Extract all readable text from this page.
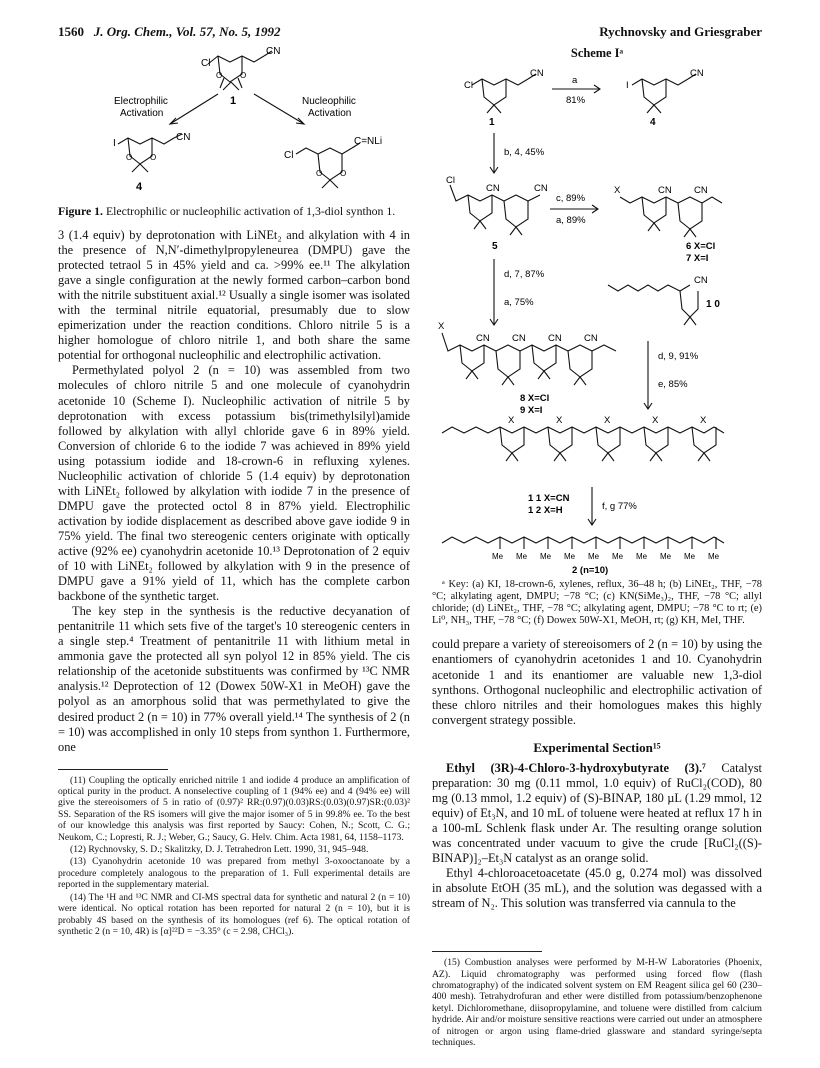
1560 J. Org. Chem., Vol. 57, No. 5, 1992	Rychnovsky and Griesgraber
Cl
CN
O O
1
Electrophilic
Activation
Nucleophilic
Activation
I
CN
O O
4
Cl
C=NLi
O O
Figure 1. Electrophilic or nucleophilic activation of 1,3-diol synthon 1.

3 (1.4 equiv) by deprotonation with LiNEt₂ and alkylation with 4 in the presence of N,N′-dimethylpropyleneurea (DMPU) gave the protected tetraol 5 in 45% yield and ca. >99% ee.¹¹ The alkylation gave a single configuration at the newly formed carbon–carbon bond with the nitrile substituent axial.¹² Usually a single isomer was isolated with the terminal nitrile equatorial, presumably due to slow epimerization under the reaction conditions. Chloro nitrile 5 is a higher homologue of chloro nitrile 1, and both share the same potential for orthogonal nucleophilic and electrophilic activation.

Permethylated polyol 2 (n = 10) was assembled from two molecules of chloro nitrile 5 and one molecule of cyanohydrin acetonide 10 (Scheme I). Nucleophilic activation of nitrile 5 by deprotonation with excess potassium bis(trimethylsilyl)amide followed by alkylation with allyl chloride gave 6 in 89% yield. Conversion of chloride 6 to the iodide 7 was achieved in 89% yield using potassium iodide and 18-crown-6 in refluxing xylenes. Nucleophilic activation of chloride 5 (1.4 equiv) by deprotonation with LiNEt₂ followed by alkylation with iodide 7 in the presence of DMPU gave the protected octol 8 in 87% yield. Electrophilic activation by iodide displacement as described above gave iodide 9 in 75% yield. The final two stereogenic centers originate with optically active (92% ee) cyanohydrin acetonide 10.¹³ Deprotonation of 2 equiv of 10 with LiNEt₂ followed by alkylation with 9 in the presence of DMPU gave a 91% yield of 11, which has the complete carbon backbone of the synthetic target.

The key step in the synthesis is the reductive decyanation of pentanitrile 11 which sets five of the target's 10 stereogenic centers in a single step.⁴ Treatment of pentanitrile 11 with lithium metal in ammonia gave the protected all syn polyol 12 in 85% yield. The cis relationship of the acetonide substituents was confirmed by ¹³C NMR analysis.¹² Deprotection of 12 (Dowex 50W-X1 in MeOH) gave the polyol as an amorphous solid that was permethylated to give the desired product 2 (n = 10) in 77% overall yield.¹⁴ The synthesis of 2 (n = 10) was accomplished in only 10 steps from synthon 1. Furthermore, one

(11) Coupling the optically enriched nitrile 1 and iodide 4 produce an amplification of optical purity in the product. A nonselective coupling of 1 (94% ee) and 4 (94% ee) will give the stereoisomers of 5 in ratio of (0.97)² RR:(0.97)(0.03)RS:(0.03)(0.97)SR:(0.03)² SS. Separation of the RS isomers will give the major isomer of 5 in 99.8% ee. To the best of our knowledge this analysis was first reported by Saucy: Cohen, N.; Scott, C. G.; Neukom, C.; Lopresti, R. J.; Weber, G.; Saucy, G. Helv. Chim. Acta 1981, 64, 1158–1173.
(12) Rychnovsky, S. D.; Skalitzky, D. J. Tetrahedron Lett. 1990, 31, 945–948.
(13) Cyanohydrin acetonide 10 was prepared from methyl 3-oxooctanoate by a procedure completely analogous to the preparation of 1. Full experimental details are reported in the supplementary material.
(14) The ¹H and ¹³C NMR and CI-MS spectral data for synthetic and natural 2 (n = 10) were identical. No optical rotation has been reported for natural 2 (n = 10), but it is probably 4S based on the synthesis of its homologues (ref 6). The optical rotation of synthetic 2 (n = 10, 4R) is [α]²²D = −3.35° (c = 2.98, CHCl₃).
Scheme Iᵃ
Cl
CN
1
a
81%
I
CN
4
b, 4, 45%
Cl
CN	CN
5
c, 89%
a, 89%
X	CN CN
6 X=Cl
7 X=I
d, 7, 87%
a, 75%
CN
1 0
X
CN CN CN CN
d, 9, 91%
e, 85%
8 X=Cl
9 X=I
X	X	X	X	X
1 1 X=CN
1 2 X=H	f, g 77%
Me Me Me Me Me Me Me Me Me Me
2 (n=10)
ᵃ Key: (a) KI, 18-crown-6, xylenes, reflux, 36–48 h; (b) LiNEt₂, THF, −78 °C; alkylating agent, DMPU; −78 °C; (c) KN(SiMe₃)₂, THF, −78 °C; allyl chloride; (d) LiNEt₂, THF, −78 °C; alkylating agent, DMPU; −78 °C to rt; (e) Li⁰, NH₃, THF, −78 °C; (f) Dowex 50W-X1, MeOH, rt; (g) KH, MeI, THF.

could prepare a variety of stereoisomers of 2 (n = 10) by using the enantiomers of cyanohydrin acetonides 1 and 10. Cyanohydrin acetonide 1 and its enantiomer are valuable new 1,3-diol synthons. Orthogonal nucleophilic and electrophilic activation of these chloro nitriles and their homologues makes this highly convergent strategy possible.

Experimental Section¹⁵

Ethyl (3R)-4-Chloro-3-hydroxybutyrate (3).⁷ Catalyst preparation: 30 mg (0.11 mmol, 1.0 equiv) of RuCl₂(COD), 80 mg (0.13 mmol, 1.2 equiv) of (S)-BINAP, 180 µL (1.29 mmol, 12 equiv) of Et₃N, and 10 mL of toluene were heated at reflux 17 h in a 100-mL Schlenk flask under Ar. The resulting orange solution was concentrated under vacuum to give the crude [RuCl₂((S)-BINAP)]₂–Et₃N catalyst as an orange solid.

Ethyl 4-chloroacetoacetate (45.0 g, 0.274 mol) was dissolved in absolute EtOH (35 mL), and the solution was degassed with a stream of N₂. This solution was transferred via cannula to the

(15) Combustion analyses were performed by M-H-W Laboratories (Phoenix, AZ). Liquid chromatography was performed using forced flow (flash chromatography) of the indicated solvent system on EM Reagent silica gel 60 (230–400 mesh). Tetrahydrofuran and ether were distilled from potassium/benzophenone ketyl. Dichloromethane, diisopropylamine, and toluene were distilled from calcium hydride. Air and/or moisture sensitive reactions were carried out under an atmosphere of nitrogen or argon using flame-dried glassware and standard syringe/septa techniques.
